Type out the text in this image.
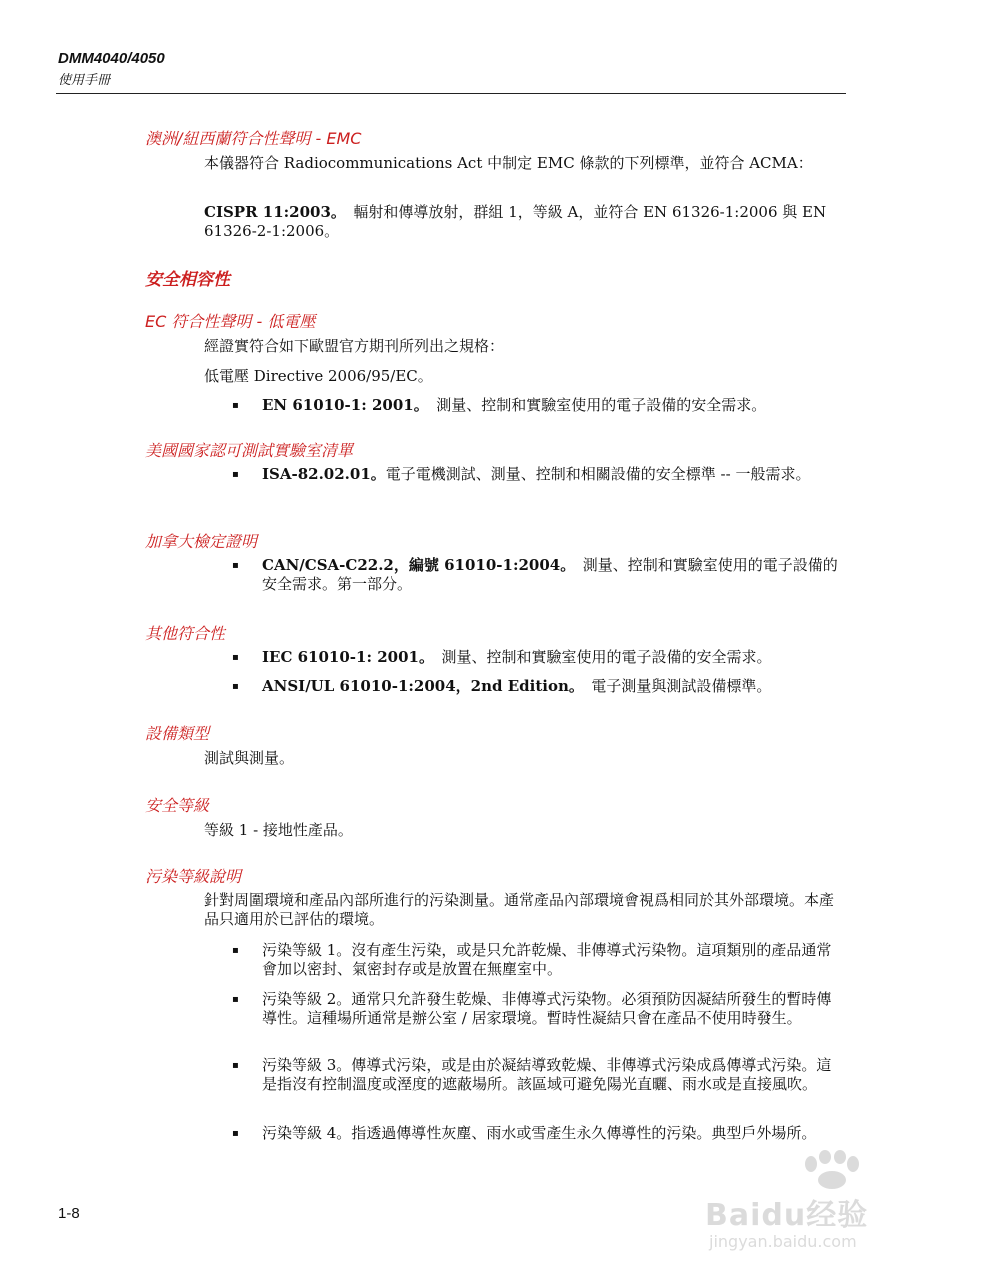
DMM4040/4050
使用手冊
澳洲/紐西蘭符合性聲明 - EMC

本儀器符合 Radiocommunications Act 中制定 EMC 條款的下列標準，並符合 ACMA：

CISPR 11:2003。　輻射和傳導放射，群組 1，等級 A，並符合 EN 61326-1:2006 與 EN 61326-2-1:2006。

安全相容性
EC 符合性聲明 - 低電壓

經證實符合如下歐盟官方期刊所列出之規格：

低電壓 Directive 2006/95/EC。

▪	EN 61010-1: 2001。　測量、控制和實驗室使用的電子設備的安全需求。
美國國家認可測試實驗室清單
▪	ISA-82.02.01。電子電機測試、測量、控制和相關設備的安全標準 -- 一般需求。
加拿大檢定證明
▪	CAN/CSA-C22.2，編號 61010-1:2004。　測量、控制和實驗室使用的電子設備的安全需求。第一部分。
其他符合性
▪	IEC 61010-1: 2001。　測量、控制和實驗室使用的電子設備的安全需求。
▪	ANSI/UL 61010-1:2004，2nd Edition。　電子測量與測試設備標準。
設備類型

測試與測量。

安全等級

等級 1 - 接地性產品。

污染等級說明

針對周圍環境和產品內部所進行的污染測量。通常產品內部環境會視爲相同於其外部環境。本產品只適用於已評估的環境。

▪	污染等級 1。沒有產生污染，或是只允許乾燥、非傳導式污染物。這項類別的產品通常會加以密封、氣密封存或是放置在無塵室中。
▪	污染等級 2。通常只允許發生乾燥、非傳導式污染物。必須預防因凝結所發生的暫時傳導性。這種場所通常是辦公室 / 居家環境。暫時性凝結只會在產品不使用時發生。
▪	污染等級 3。傳導式污染，或是由於凝結導致乾燥、非傳導式污染成爲傳導式污染。這是指沒有控制溫度或溼度的遮蔽場所。該區域可避免陽光直曬、雨水或是直接風吹。
▪	污染等級 4。指透過傳導性灰塵、雨水或雪產生永久傳導性的污染。典型戶外場所。
1-8	Baidu经验
jingyan.baidu.com
